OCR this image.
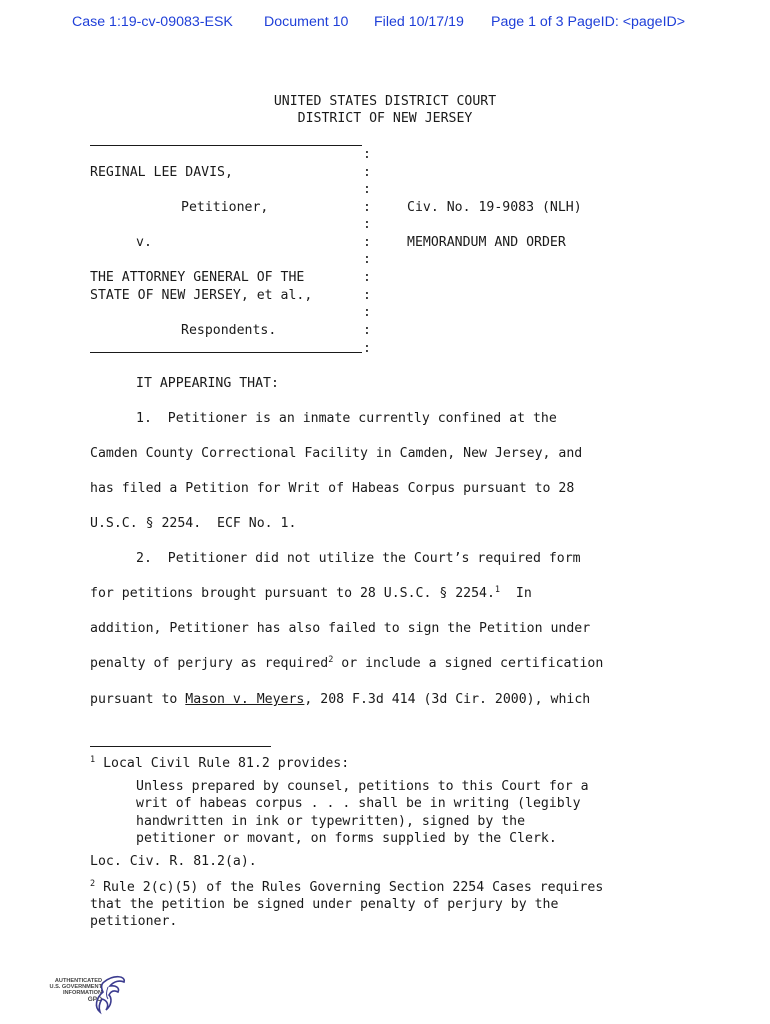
Case 1:19-cv-09083-ESK Document 10 Filed 10/17/19 Page 1 of 3 PageID: <pageID>
UNITED STATES DISTRICT COURT
DISTRICT OF NEW JERSEY
REGINAL LEE DAVIS,
Petitioner,
v.
THE ATTORNEY GENERAL OF THE
STATE OF NEW JERSEY, et al.,
Respondents.
:
:
:
:
:
:
:
:
:
:
:
:
Civ. No. 19-9083 (NLH)
MEMORANDUM AND ORDER
IT APPEARING THAT:
1.  Petitioner is an inmate currently confined at the
Camden County Correctional Facility in Camden, New Jersey, and
has filed a Petition for Writ of Habeas Corpus pursuant to 28
U.S.C. § 2254.  ECF No. 1.
2.  Petitioner did not utilize the Court’s required form
for petitions brought pursuant to 28 U.S.C. § 2254.$^1$  In
addition, Petitioner has also failed to sign the Petition under
penalty of perjury as required$^2$ or include a signed certification
pursuant to Mason v. Meyers, 208 F.3d 414 (3d Cir. 2000), which
$^1$ Local Civil Rule 81.2 provides:
Unless prepared by counsel, petitions to this Court for a
writ of habeas corpus . . . shall be in writing (legibly
handwritten in ink or typewritten), signed by the
petitioner or movant, on forms supplied by the Clerk.
Loc. Civ. R. 81.2(a).
$^2$ Rule 2(c)(5) of the Rules Governing Section 2254 Cases requires
that the petition be signed under penalty of perjury by the
petitioner.
AUTHENTICATED
U.S. GOVERNMENT
INFORMATION
GPO
